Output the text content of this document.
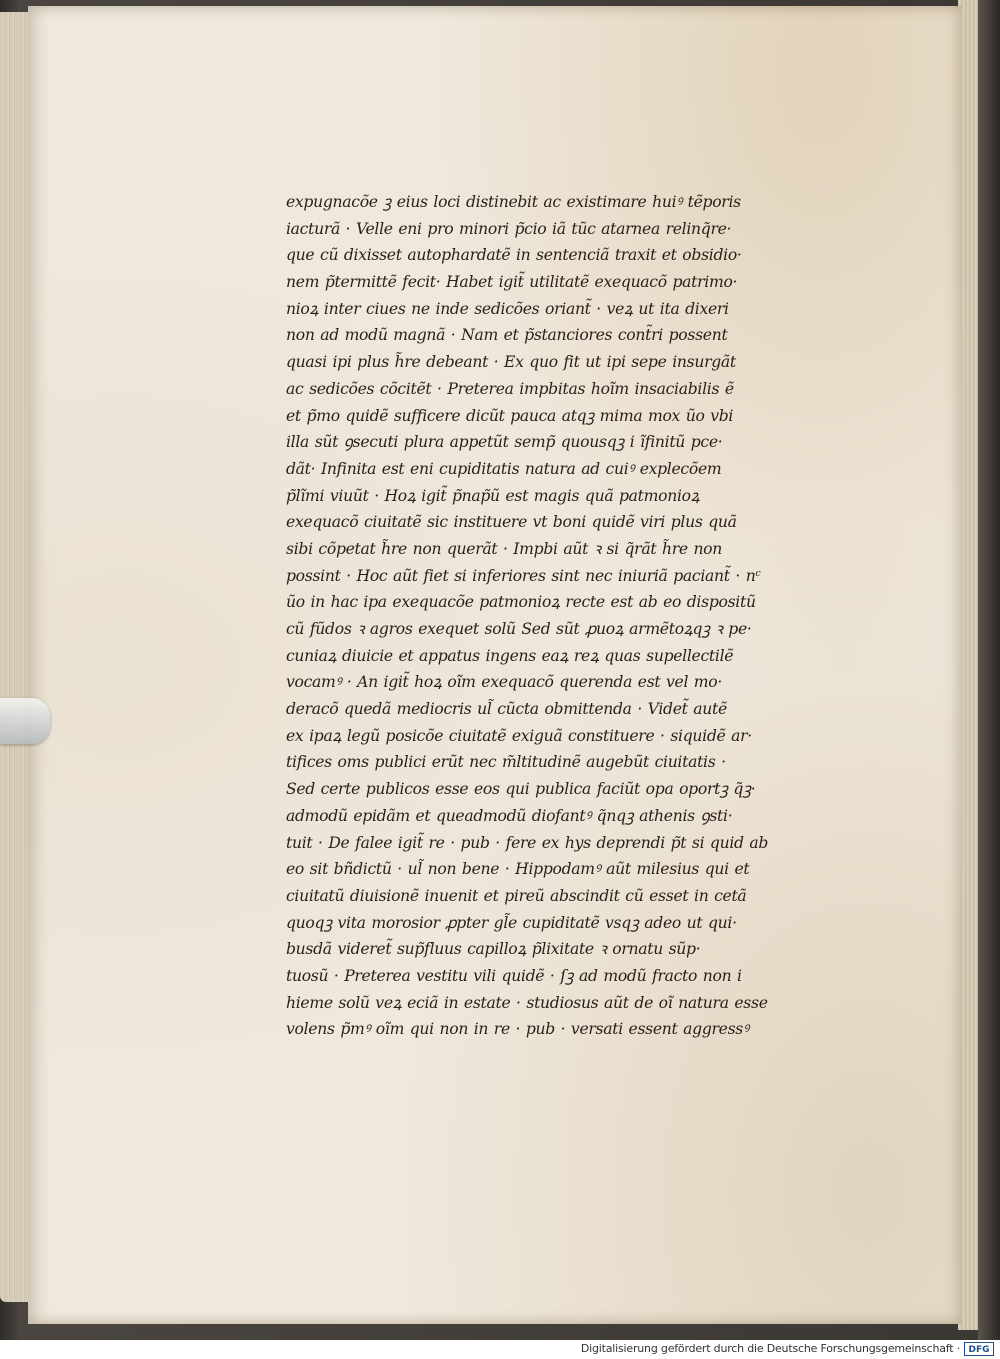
expugnacõe ꝫ eius loci distinebit ac existimare huiꝰ tẽporis
iacturã · Velle eni pro minori p̃cio iã tũc atarnea relinq̃re·
que cũ dixisset autophardatẽ in sentenciã traxit et obsidio·
nem p̃termittẽ fecit· Habet igit̃ utilitatẽ exequacõ patrimo·
nioꝝ inter ciues ne inde sedicões oriant̃ · veꝝ ut ita dixeri
non ad modũ magnã · Nam et p̃stanciores cont̃ri possent
quasi ipi plus h̃re debeant · Ex quo fit ut ipi sepe insurgãt
ac sedicões cõcitẽt · Preterea impbitas hoĩm insaciabilis ẽ
et p̃mo quidẽ sufficere dicũt pauca atqꝫ mima mox ũo vbi
illa sũt ꝯsecuti plura appetũt semp̃ quousqꝫ i ĩfinitũ pce·
dãt· Infinita est eni cupiditatis natura ad cuiꝰ explecõem
p̃lĩmi viuũt · Hoꝝ igit̃ p̃nap̃ũ est magis quã patmonioꝝ
exequacõ ciuitatẽ sic instituere vt boni quidẽ viri plus quã
sibi cõpetat h̃re non querãt · Impbi aũt ꝛ si q̃rãt h̃re non
possint · Hoc aũt fiet si inferiores sint nec iniuriã paciant̃ · nᶜ
ũo in hac ipa exequacõe patmonioꝝ recte est ab eo dispositũ
cũ fũdos ꝛ agros exequet solũ Sed sũt ꝓuoꝝ armẽtoꝝqꝫ ꝛ pe·
cuniaꝝ diuicie et appatus ingens eaꝝ reꝝ quas supellectilẽ
vocamꝰ · An igit̃ hoꝝ oĩm exequacõ querenda est vel mo·
deracõ quedã mediocris ul̃ cũcta obmittenda · Videt̃ autẽ
ex ipaꝝ legũ posicõe ciuitatẽ exiguã constituere · siquidẽ ar·
tifices oms publici erũt nec m̃ltitudinẽ augebũt ciuitatis ·
Sed certe publicos esse eos qui publica faciũt opa oportꝫ q̃ꝫ·
admodũ epidãm et queadmodũ diofantꝰ q̃nqꝫ athenis ꝯsti·
tuit · De falee igit̃ re · pub · fere ex hys deprendi p̃t si quid ab
eo sit bñdictũ · ul̃ non bene · Hippodamꝰ aũt milesius qui et
ciuitatũ diuisionẽ inuenit et pireũ abscindit cũ esset in cetã
quoqꝫ vita morosior ꝓpter gl̃e cupiditatẽ vsqꝫ adeo ut qui·
busdã videret̃ sup̃fluus capilloꝝ p̃lixitate ꝛ ornatu sũp·
tuosũ · Preterea vestitu vili quidẽ · ſꝫ ad modũ fracto non i
hieme solũ veꝝ eciã in estate · studiosus aũt de oĩ natura esse
volens p̃mꝰ oĩm qui non in re · pub · versati essent aggressꝰ
Digitalisierung gefördert durch die Deutsche Forschungsgemeinschaft · DFG
